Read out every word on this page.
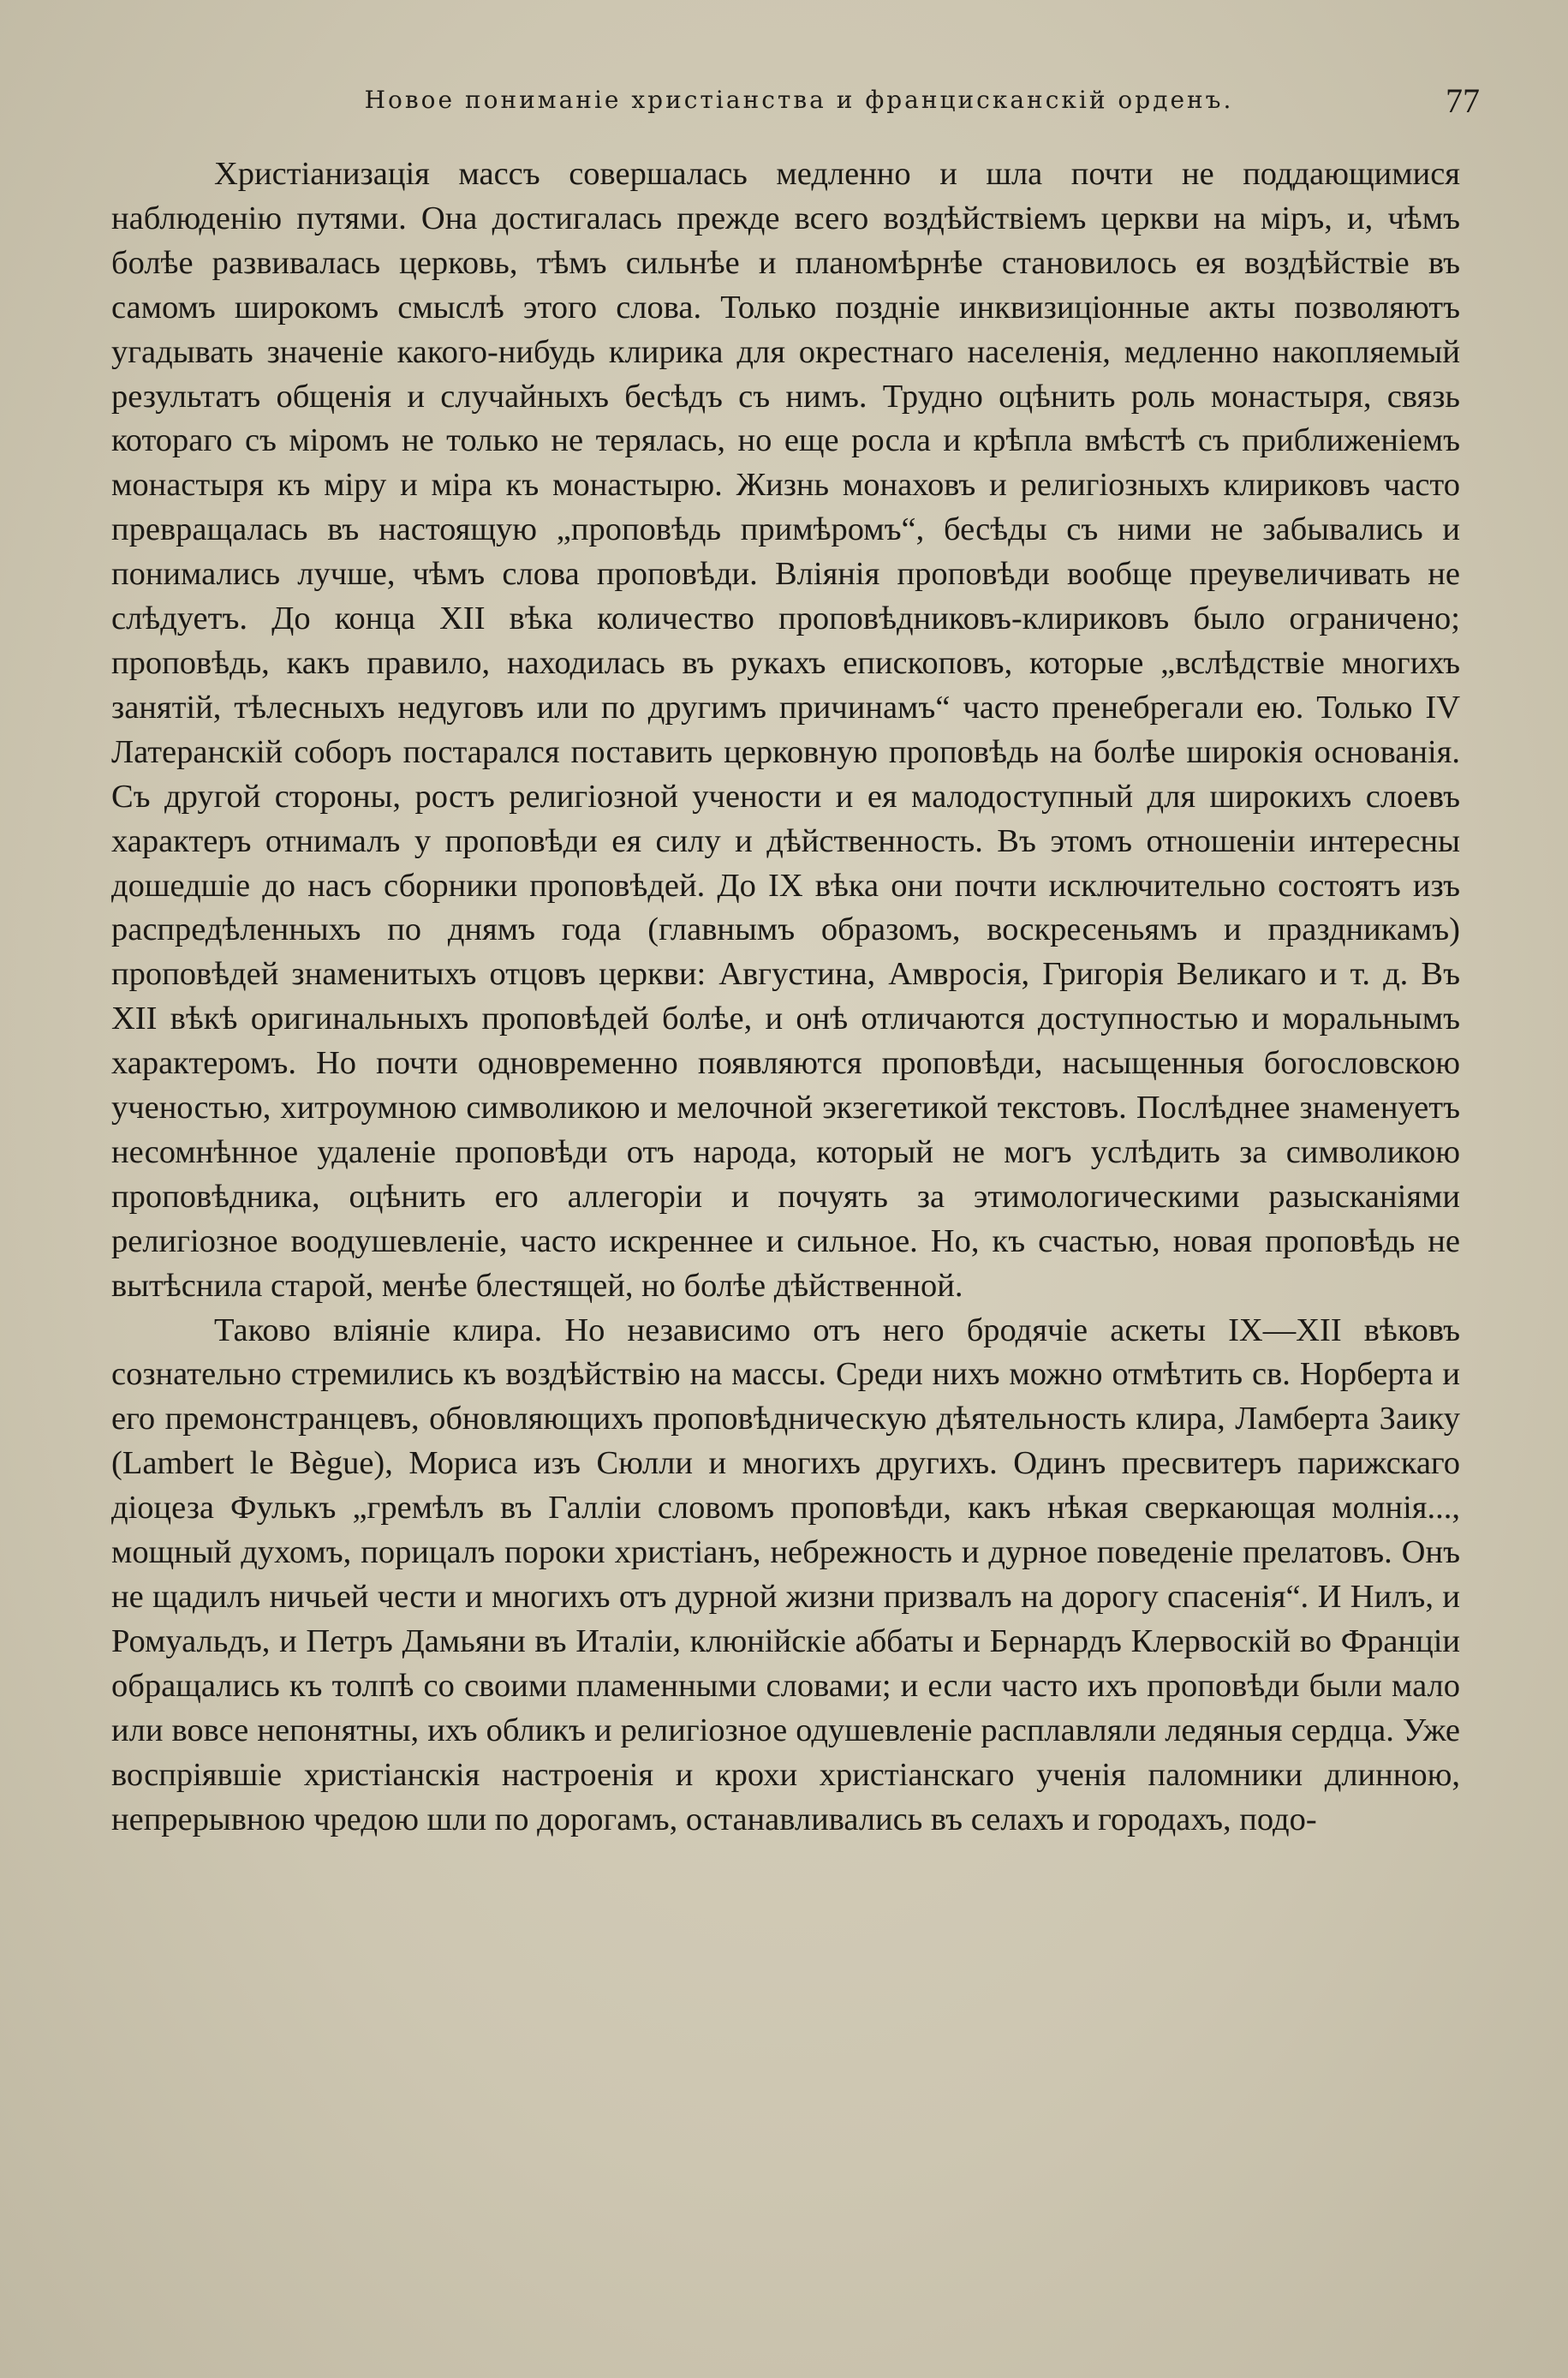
Новое пониманіе христіанства и францисканскій орденъ.	77

Христіанизація массъ совершалась медленно и шла почти не поддающимися наблюденію путями. Она достигалась прежде всего воздѣйствіемъ церкви на міръ, и, чѣмъ болѣе развивалась церковь, тѣмъ сильнѣе и планомѣрнѣе становилось ея воздѣйствіе въ самомъ широкомъ смыслѣ этого слова. Только поздніе инквизиціонные акты позволяютъ угадывать значеніе какого-нибудь клирика для окрестнаго населенія, медленно накопляемый результатъ общенія и случайныхъ бесѣдъ съ нимъ. Трудно оцѣнить роль монастыря, связь котораго съ міромъ не только не терялась, но еще росла и крѣпла вмѣстѣ съ приближеніемъ монастыря къ міру и міра къ монастырю. Жизнь монаховъ и религіозныхъ клириковъ часто превращалась въ настоящую „проповѣдь примѣромъ“, бесѣды съ ними не забывались и понимались лучше, чѣмъ слова проповѣди. Вліянія проповѣди вообще преувеличивать не слѣдуетъ. До конца XII вѣка количество проповѣдниковъ-клириковъ было ограничено; проповѣдь, какъ правило, находилась въ рукахъ епископовъ, которые „вслѣдствіе многихъ занятій, тѣлесныхъ недуговъ или по другимъ причинамъ“ часто пренебрегали ею. Только IV Латеранскій соборъ постарался поставить церковную проповѣдь на болѣе широкія основанія. Съ другой стороны, ростъ религіозной учености и ея малодоступный для широкихъ слоевъ характеръ отнималъ у проповѣди ея силу и дѣйственность. Въ этомъ отношеніи интересны дошедшіе до насъ сборники проповѣдей. До IX вѣка они почти исключительно состоятъ изъ распредѣленныхъ по днямъ года (главнымъ образомъ, воскресеньямъ и праздникамъ) проповѣдей знаменитыхъ отцовъ церкви: Августина, Амвросія, Григорія Великаго и т. д. Въ XII вѣкѣ оригинальныхъ проповѣдей болѣе, и онѣ отличаются доступностью и моральнымъ характеромъ. Но почти одновременно появляются проповѣди, насыщенныя богословскою ученостью, хитроумною символикою и мелочной экзегетикой текстовъ. Послѣднее знаменуетъ несомнѣнное удаленіе проповѣди отъ народа, который не могъ услѣдить за символикою проповѣдника, оцѣнить его аллегоріи и почуять за этимологическими разысканіями религіозное воодушевленіе, часто искреннее и сильное. Но, къ счастью, новая проповѣдь не вытѣснила старой, менѣе блестящей, но болѣе дѣйственной.

Таково вліяніе клира. Но независимо отъ него бродячіе аскеты IX—XII вѣковъ сознательно стремились къ воздѣйствію на массы. Среди нихъ можно отмѣтить св. Норберта и его премонстранцевъ, обновляющихъ проповѣдническую дѣятельность клира, Ламберта Заику (Lambert le Bègue), Мориса изъ Сюлли и многихъ другихъ. Одинъ пресвитеръ парижскаго діоцеза Фулькъ „гремѣлъ въ Галліи словомъ проповѣди, какъ нѣкая сверкающая молнія..., мощный духомъ, порицалъ пороки христіанъ, небрежность и дурное поведеніе прелатовъ. Онъ не щадилъ ничьей чести и многихъ отъ дурной жизни призвалъ на дорогу спасенія“. И Нилъ, и Ромуальдъ, и Петръ Дамьяни въ Италіи, клюнійскіе аббаты и Бернардъ Клервоскій во Франціи обращались къ толпѣ со своими пламенными словами; и если часто ихъ проповѣди были мало или вовсе непонятны, ихъ обликъ и религіозное одушевленіе расплавляли ледяныя сердца. Уже воспріявшіе христіанскія настроенія и крохи христіанскаго ученія паломники длинною, непрерывною чредою шли по дорогамъ, останавливались въ селахъ и городахъ, подо-
